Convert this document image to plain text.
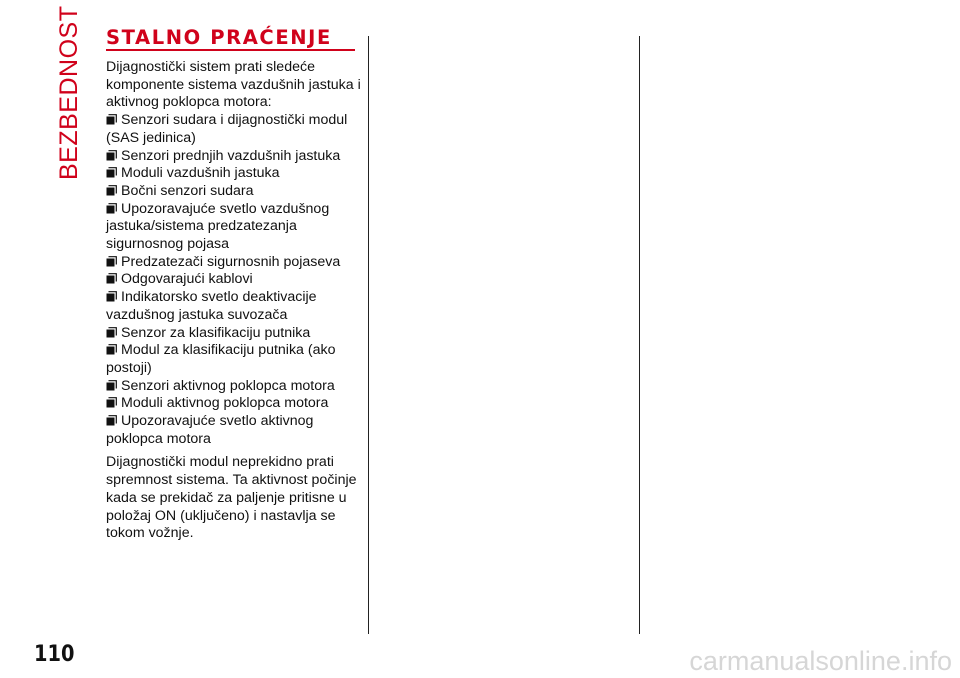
BEZBEDNOST STALNO PRAĆENJE

Dijagnostički sistem prati sledeće komponente sistema vazdušnih jastuka i aktivnog poklopca motora:

Senzori sudara i dijagnostički modul (SAS jedinica)

Senzori prednjih vazdušnih jastuka

Moduli vazdušnih jastuka

Bočni senzori sudara

Upozoravajuće svetlo vazdušnog jastuka/sistema predzatezanja sigurnosnog pojasa

Predzatezači sigurnosnih pojaseva

Odgovarajući kablovi

Indikatorsko svetlo deaktivacije vazdušnog jastuka suvozača

Senzor za klasifikaciju putnika

Modul za klasifikaciju putnika (ako postoji)

Senzori aktivnog poklopca motora

Moduli aktivnog poklopca motora

Upozoravajuće svetlo aktivnog poklopca motora

Dijagnostički modul neprekidno prati spremnost sistema. Ta aktivnost počinje kada se prekidač za paljenje pritisne u položaj ON (uključeno) i nastavlja se tokom vožnje.

110	carmanualsonline.info
